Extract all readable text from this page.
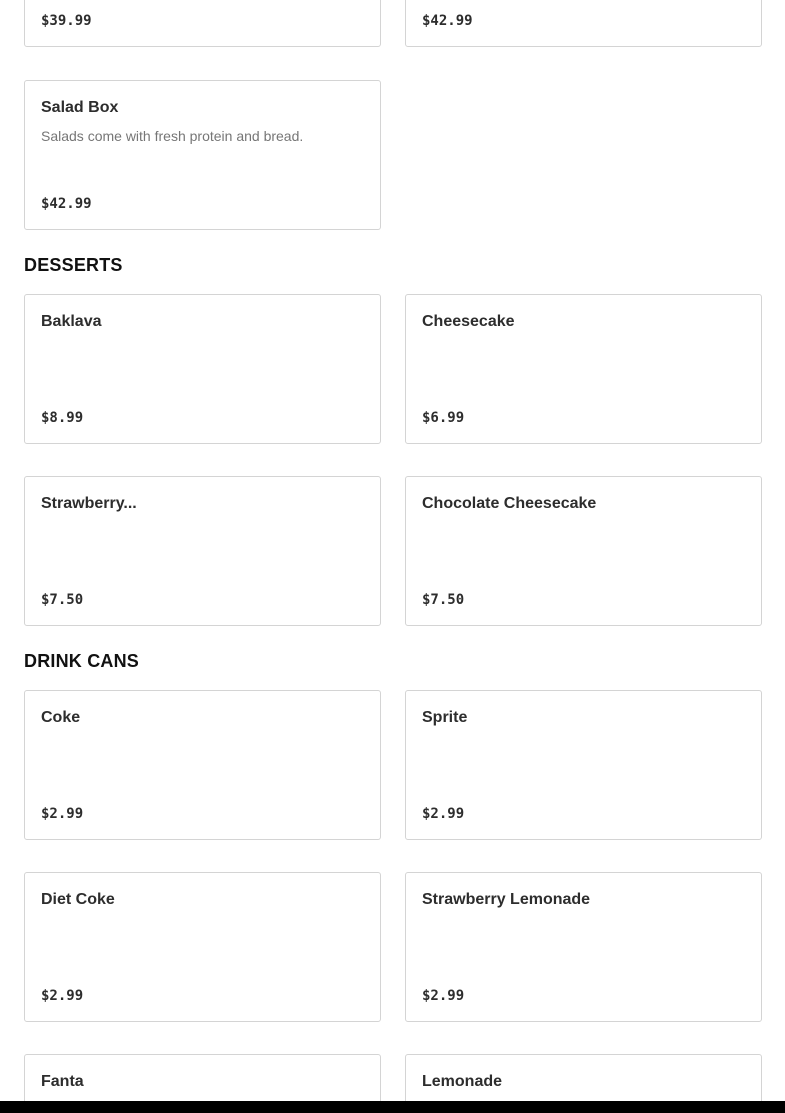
$39.99	$42.99
Salad Box
Salads come with fresh protein and bread.
$42.99
DESSERTS
Baklava
$8.99
Cheesecake
$6.99
Strawberry...
$7.50
Chocolate Cheesecake
$7.50
DRINK CANS
Coke
$2.99
Sprite
$2.99
Diet Coke
$2.99
Strawberry Lemonade
$2.99
Fanta	Lemonade
